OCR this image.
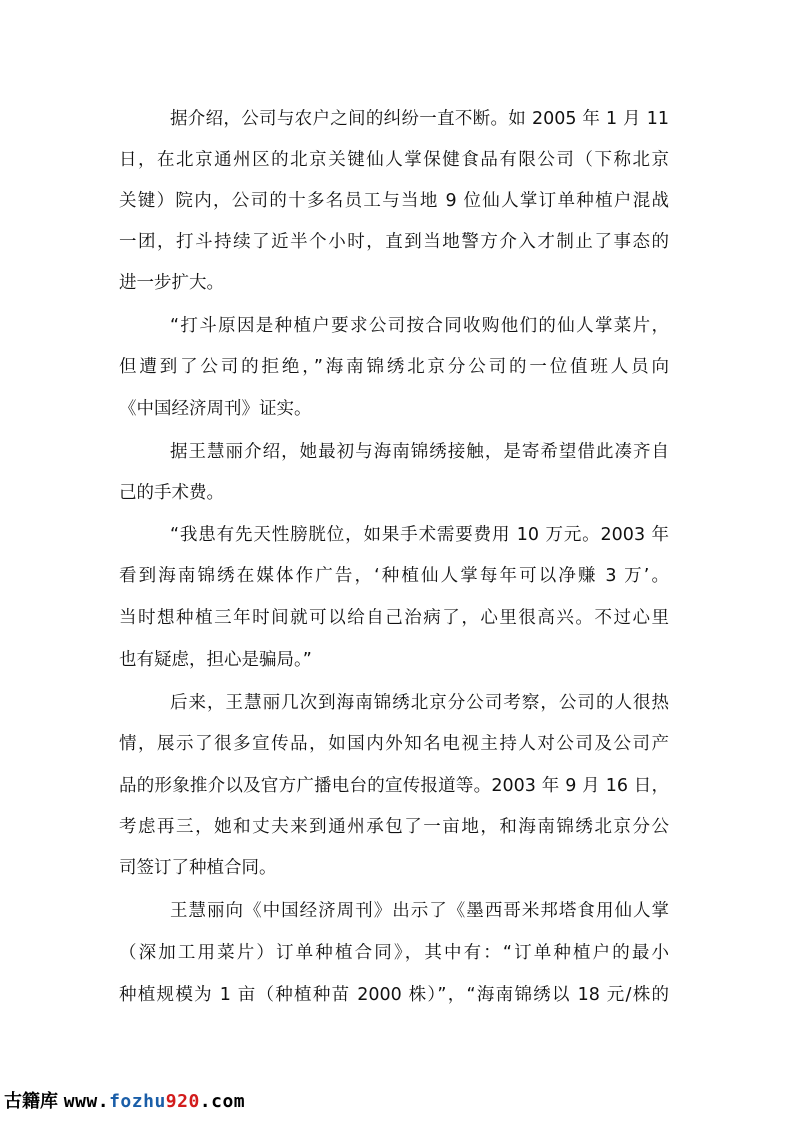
据介绍，公司与农户之间的纠纷一直不断。如 2005 年 1 月 11
日，在北京通州区的北京关键仙人掌保健食品有限公司（下称北京
关键）院内，公司的十多名员工与当地 9 位仙人掌订单种植户混战
一团，打斗持续了近半个小时，直到当地警方介入才制止了事态的
进一步扩大。
“打斗原因是种植户要求公司按合同收购他们的仙人掌菜片，
但遭到了公司的拒绝，”海南锦绣北京分公司的一位值班人员向
《中国经济周刊》证实。
据王慧丽介绍，她最初与海南锦绣接触，是寄希望借此凑齐自
己的手术费。
“我患有先天性膀胱位，如果手术需要费用 10 万元。2003 年
看到海南锦绣在媒体作广告，‘种植仙人掌每年可以净赚 3 万’。
当时想种植三年时间就可以给自己治病了，心里很高兴。不过心里
也有疑虑，担心是骗局。”
后来，王慧丽几次到海南锦绣北京分公司考察，公司的人很热
情，展示了很多宣传品，如国内外知名电视主持人对公司及公司产
品的形象推介以及官方广播电台的宣传报道等。2003 年 9 月 16 日，
考虑再三，她和丈夫来到通州承包了一亩地，和海南锦绣北京分公
司签订了种植合同。
王慧丽向《中国经济周刊》出示了《墨西哥米邦塔食用仙人掌
（深加工用菜片）订单种植合同》，其中有：“订单种植户的最小
种植规模为 1 亩（种植种苗 2000 株）”，“海南锦绣以 18 元/株的
古籍库 www.fozhu920.com
